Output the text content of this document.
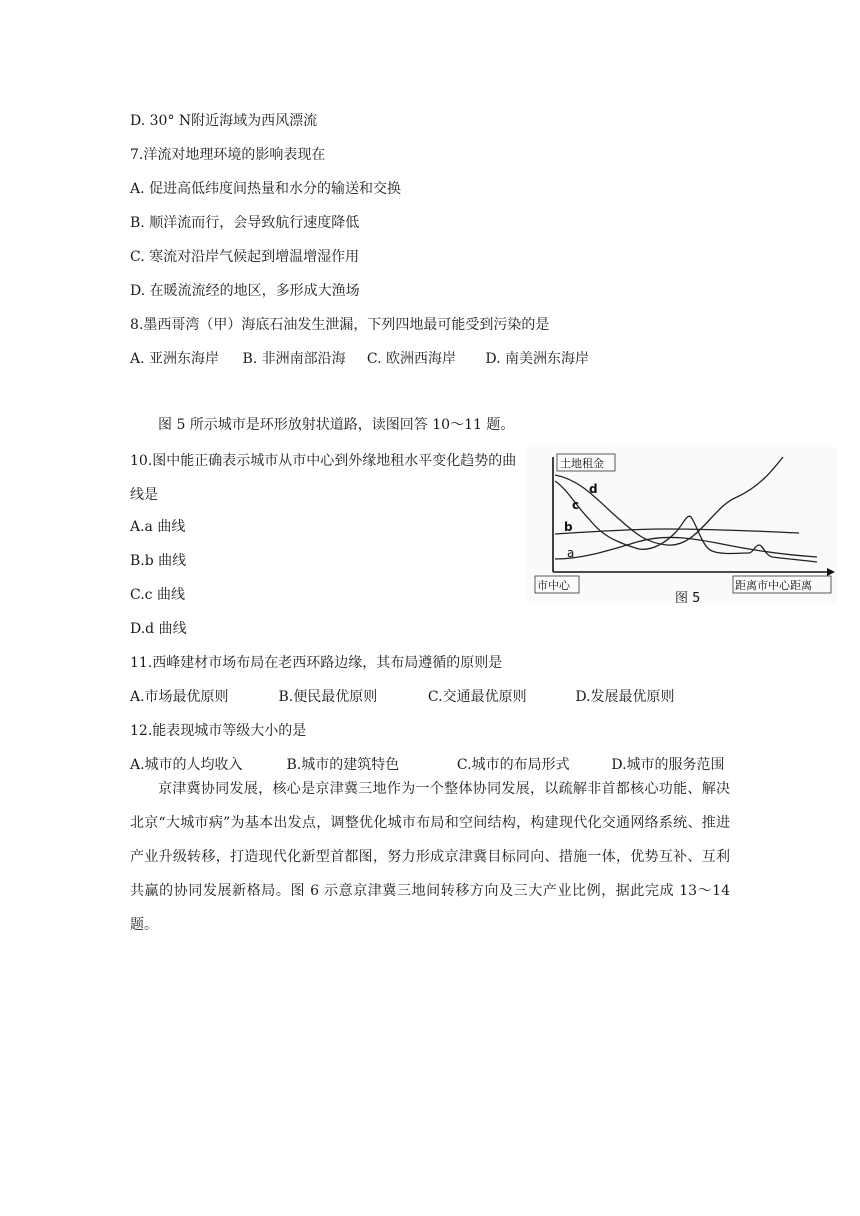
D. 30° N附近海域为西风漂流
7.洋流对地理环境的影响表现在
A. 促进高低纬度间热量和水分的输送和交换
B. 顺洋流而行，会导致航行速度降低
C. 寒流对沿岸气候起到增温增湿作用
D. 在暖流流经的地区，多形成大渔场
8.墨西哥湾（甲）海底石油发生泄漏，下列四地最可能受到污染的是
A. 亚洲东海岸 B. 非洲南部沿海 C. 欧洲西海岸 D. 南美洲东海岸
图 5 所示城市是环形放射状道路，读图回答 10～11 题。
10.图中能正确表示城市从市中心到外缘地租水平变化趋势的曲线是
A.a 曲线
B.b 曲线
C.c 曲线
D.d 曲线
土地租金
市中心	距离市中心距离
图 5
d
c
b
a
11.西峰建材市场布局在老西环路边缘，其布局遵循的原则是
A.市场最优原则	B.便民最优原则	C.交通最优原则	D.发展最优原则
12.能表现城市等级大小的是
A.城市的人均收入	B.城市的建筑特色	C.城市的布局形式	D.城市的服务范围
京津冀协同发展，核心是京津冀三地作为一个整体协同发展，以疏解非首都核心功能、解决北京“大城市病”为基本出发点，调整优化城市布局和空间结构，构建现代化交通网络系统、推进产业升级转移，打造现代化新型首都图，努力形成京津冀目标同向、措施一体，优势互补、互利共赢的协同发展新格局。图 6 示意京津冀三地间转移方向及三大产业比例，据此完成 13～14 题。
